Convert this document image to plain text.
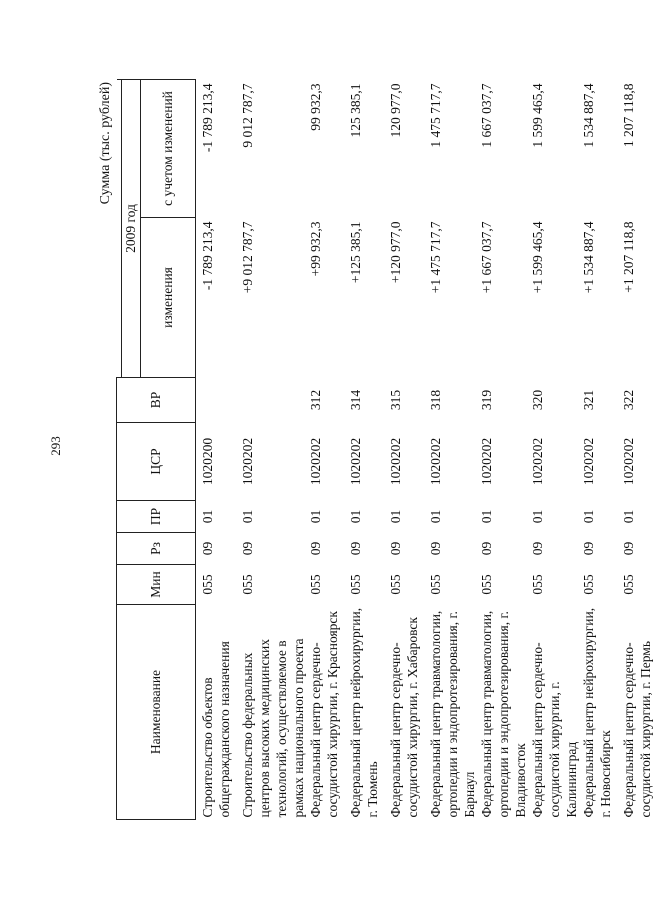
293
Сумма (тыс. рублей)
Наименование	Мин	Рз	ПР	ЦСР	ВР		
						2009 год	
						изменения	с учетом изменений
Строительство объектов общегражданского назначения	055	09	01	1020200		-1 789 213,4	-1 789 213,4
Строительство федеральных центров высоких медицинских технологий, осуществляемое в рамках национального проекта	055	09	01	1020202		+9 012 787,7	9 012 787,7
Федеральный центр сердечно-сосудистой хирургии, г. Красноярск	055	09	01	1020202	312	+99 932,3	99 932,3
Федеральный центр нейрохирургии, г. Тюмень	055	09	01	1020202	314	+125 385,1	125 385,1
Федеральный центр сердечно-сосудистой хирургии, г. Хабаровск	055	09	01	1020202	315	+120 977,0	120 977,0
Федеральный центр травматологии, ортопедии и эндопротезирования, г. Барнаул	055	09	01	1020202	318	+1 475 717,7	1 475 717,7
Федеральный центр травматологии, ортопедии и эндопротезирования, г. Владивосток	055	09	01	1020202	319	+1 667 037,7	1 667 037,7
Федеральный центр сердечно-сосудистой хирургии, г. Калининград	055	09	01	1020202	320	+1 599 465,4	1 599 465,4
Федеральный центр нейрохирургии, г. Новосибирск	055	09	01	1020202	321	+1 534 887,4	1 534 887,4
Федеральный центр сердечно-сосудистой хирургии, г. Пермь	055	09	01	1020202	322	+1 207 118,8	1 207 118,8
